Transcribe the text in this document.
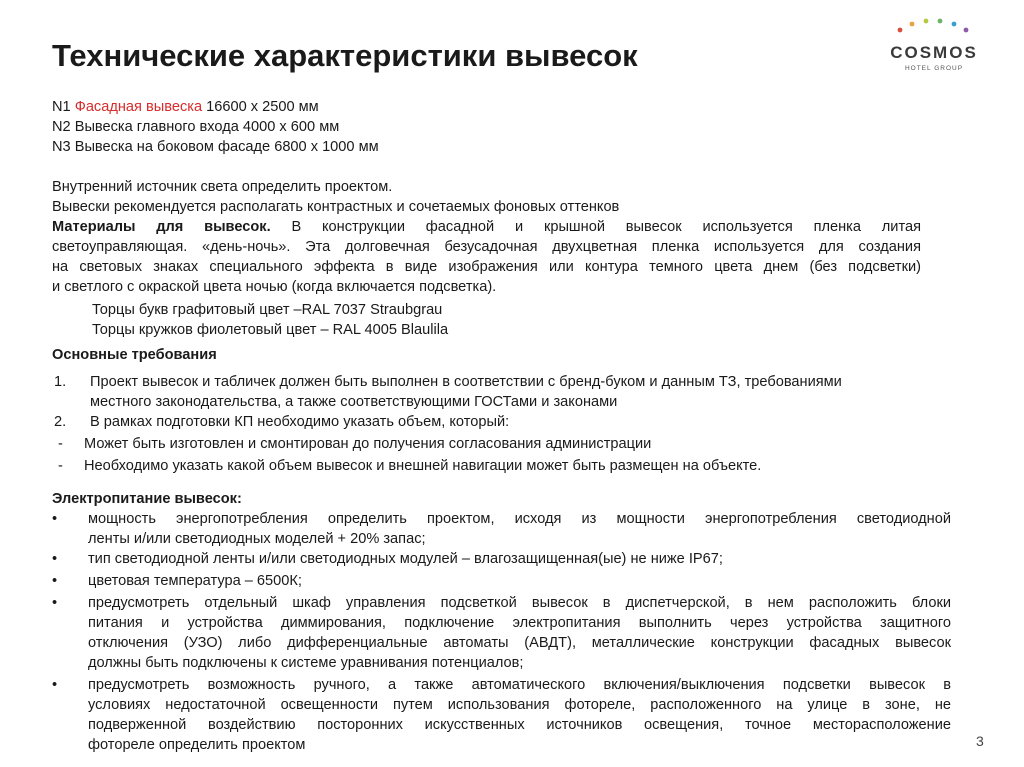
Технические характеристики вывесок	COSMOS
HOTEL GROUP
N1 Фасадная вывеска 16600 х 2500 мм
N2 Вывеска главного входа 4000 х 600 мм
N3 Вывеска на боковом фасаде 6800 х 1000 мм
Внутренний источник света определить проектом.
Вывески рекомендуется располагать контрастных и сочетаемых фоновых оттенков
Материалы для вывесок. В конструкции фасадной и крышной вывесок используется пленка литая
светоуправляющая. «день-ночь». Эта долговечная безусадочная двухцветная пленка используется для создания
на световых знаках специального эффекта в виде изображения или контура темного цвета днем (без подсветки)
и светлого с окраской цвета ночью (когда включается подсветка).
Торцы букв графитовый цвет –RAL 7037 Straubgrau
Торцы кружков фиолетовый цвет – RAL 4005 Blaulila
Основные требования
1. Проект вывесок и табличек должен быть выполнен в соответствии с бренд-буком и данным ТЗ, требованиями
местного законодательства, а также соответствующими ГОСТами и законами
2. В рамках подготовки КП необходимо указать объем, который:
- Может быть изготовлен и смонтирован до получения согласования администрации
- Необходимо указать какой объем вывесок и внешней навигации может быть размещен на объекте.
Электропитание вывесок:
• мощность энергопотребления определить проектом, исходя из мощности энергопотребления светодиодной
ленты и/или светодиодных моделей + 20% запас;
• тип светодиодной ленты и/или светодиодных модулей – влагозащищенная(ые) не ниже IP67;
• цветовая температура – 6500К;
• предусмотреть отдельный шкаф управления подсветкой вывесок в диспетчерской, в нем расположить блоки
питания и устройства диммирования, подключение электропитания выполнить через устройства защитного
отключения (УЗО) либо дифференциальные автоматы (АВДТ), металлические конструкции фасадных вывесок
должны быть подключены к системе уравнивания потенциалов;
• предусмотреть возможность ручного, а также автоматического включения/выключения подсветки вывесок в
условиях недостаточной освещенности путем использования фотореле, расположенного на улице в зоне, не
подверженной воздействию посторонних искусственных источников освещения, точное месторасположение
фотореле определить проектом	3
